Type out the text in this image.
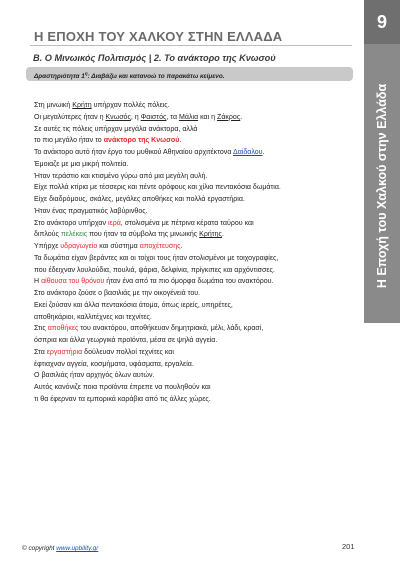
9
Η Εποχή του Χαλκού στην Ελλάδα
Η ΕΠΟΧΗ ΤΟΥ ΧΑΛΚΟΥ ΣΤΗΝ ΕΛΛΑΔΑ
Β. Ο Μινωικός Πολιτισμός | 2. Το ανάκτορο της Κνωσού
Δραστηριότητα $1^\eta$: Διαβάζω και κατανοώ το παρακάτω κείμενο.
Στη μινωική Κρήτη υπήρχαν πολλές πόλεις.
Οι μεγαλύτερες ήταν η Κνωσός, η Φαιστός, τα Μάλια και η Ζάκρος.
Σε αυτές τις πόλεις υπήρχαν μεγάλα ανάκτορα, αλλά
το πιο μεγάλο ήταν το ανάκτορο της Κνωσού.
Το ανάκτορο αυτό ήταν έργο του μυθικού Αθηναίου αρχιτέκτονα Δαίδαλου.
Έμοιαζε με μια μικρή πολιτεία.
Ήταν τεράστιο και κτισμένο γύρω από μια μεγάλη αυλή.
Είχε πολλά κτίρια με τέσσερις και πέντε ορόφους και χίλια πεντακόσια δωμάτια.
Είχε διαδρόμους, σκάλες, μεγάλες αποθήκες και πολλά εργαστήρια.
Ήταν ένας πραγματικός λαβύρινθος.
Στο ανάκτορο υπήρχαν ιερά, στολισμένα με πέτρινα κέρατα ταύρου και
διπλούς πελέκεις που ήταν τα σύμβολα της μινωικής Κρήτης.
Υπήρχε υδραγωγείο και σύστημα αποχέτευσης.
Τα δωμάτια είχαν βεράντες και οι τοίχοι τους ήταν στολισμένοι με τοιχογραφίες,
που έδειχναν λουλούδια, πουλιά, ψάρια, δελφίνια, πρίγκιπες και αρχόντισσες.
Η αίθουσα του θρόνου ήταν ένα από τα πιο όμορφα δωμάτια του ανακτόρου.
Στο ανάκτορο ζούσε ο βασιλιάς με την οικογένειά του.
Εκεί ζούσαν και άλλα πεντακόσια άτομα, όπως ιερείς, υπηρέτες,
αποθηκάριοι, καλλιτέχνες και τεχνίτες.
Στις αποθήκες του ανακτόρου, αποθήκευαν δημητριακά, μέλι, λάδι, κρασί,
όσπρια και άλλα γεωργικά προϊόντα, μέσα σε ψηλά αγγεία.
Στα εργαστήρια δούλευαν πολλοί τεχνίτες και
έφτιαχναν αγγεία, κοσμήματα, υφάσματα, εργαλεία.
Ο βασιλιάς ήταν αρχηγός όλων αυτών.
Αυτός κανόνιζε ποια προϊόντα έπρεπε να πουληθούν και
τι θα έφερναν τα εμπορικά καράβια από τις άλλες χώρες.
© copyright www.upbility.gr	201
